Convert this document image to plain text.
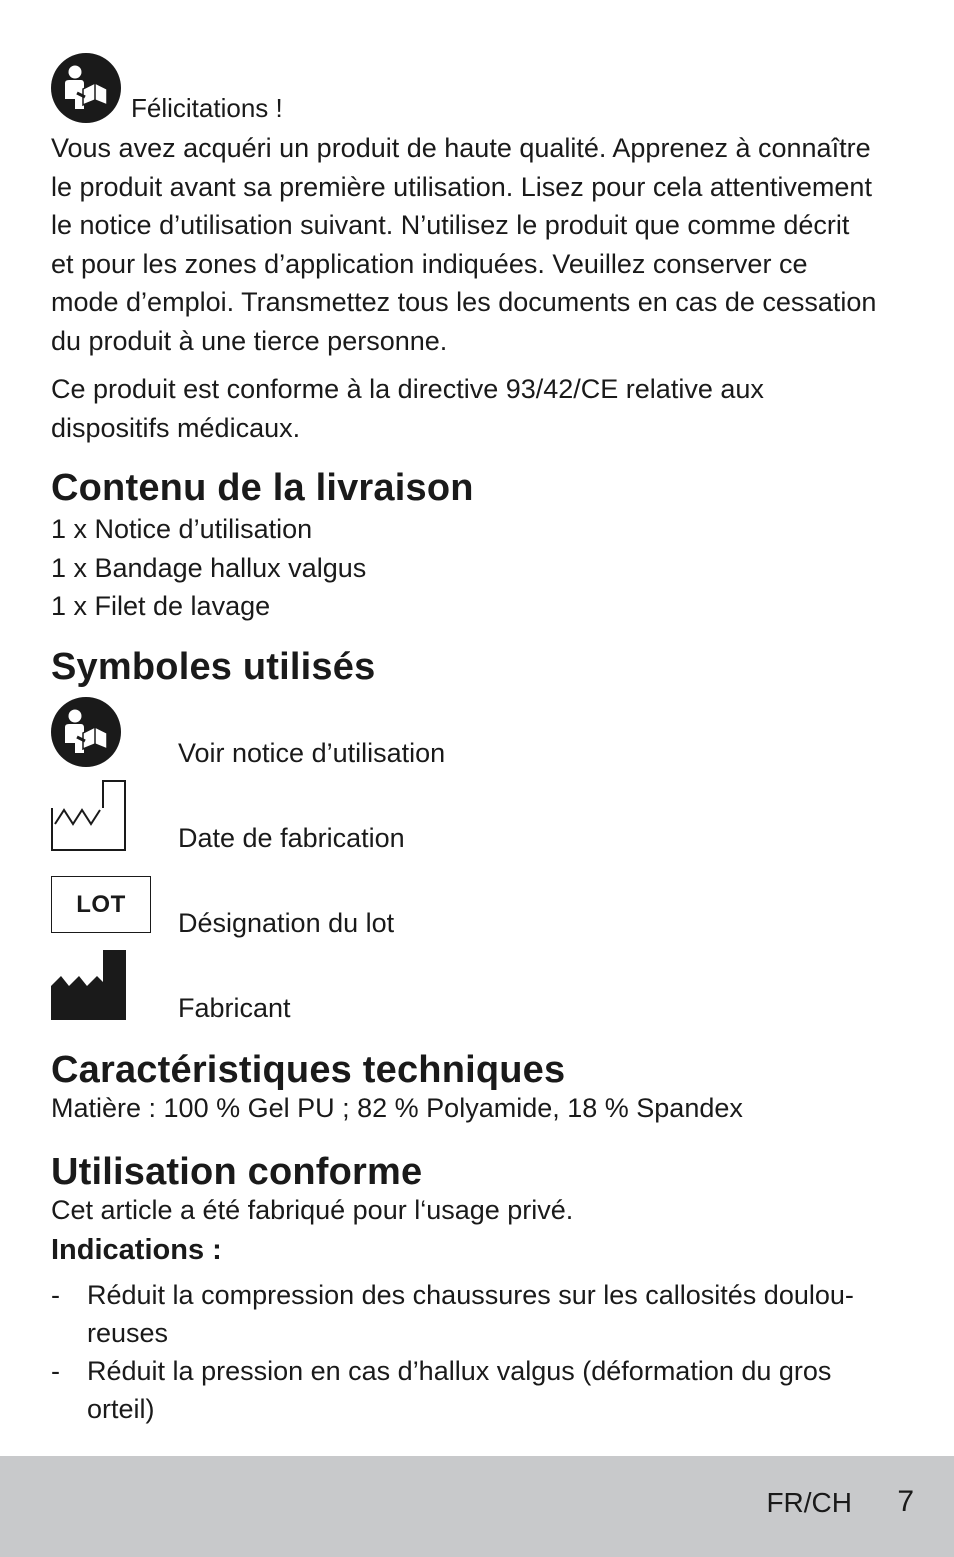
Félicitations !

Vous avez acquéri un produit de haute qualité. Apprenez à connaître

le produit avant sa première utilisation. Lisez pour cela attentivement

le notice d’utilisation suivant. N’utilisez le produit que comme décrit

et pour les zones d’application indiquées. Veuillez conserver ce

mode d’emploi. Transmettez tous les documents en cas de cessation

du produit à une tierce personne.

Ce produit est conforme à la directive 93/42/CE relative aux

dispositifs médicaux.

Contenu de la livraison

1 x Notice d’utilisation

1 x Bandage hallux valgus

1 x Filet de lavage

Symboles utilisés
Voir notice d’utilisation
Date de fabrication
LOT
Désignation du lot
Fabricant
Caractéristiques techniques
Matière : 100 % Gel PU ; 82 % Polyamide, 18 % Spandex
Utilisation conforme
Cet article a été fabriqué pour l‘usage privé.
Indications :
- Réduit la compression des chaussures sur les callosités doulou-
reuses
- Réduit la pression en cas d’hallux valgus (déformation du gros
orteil)
FR/CH 7
